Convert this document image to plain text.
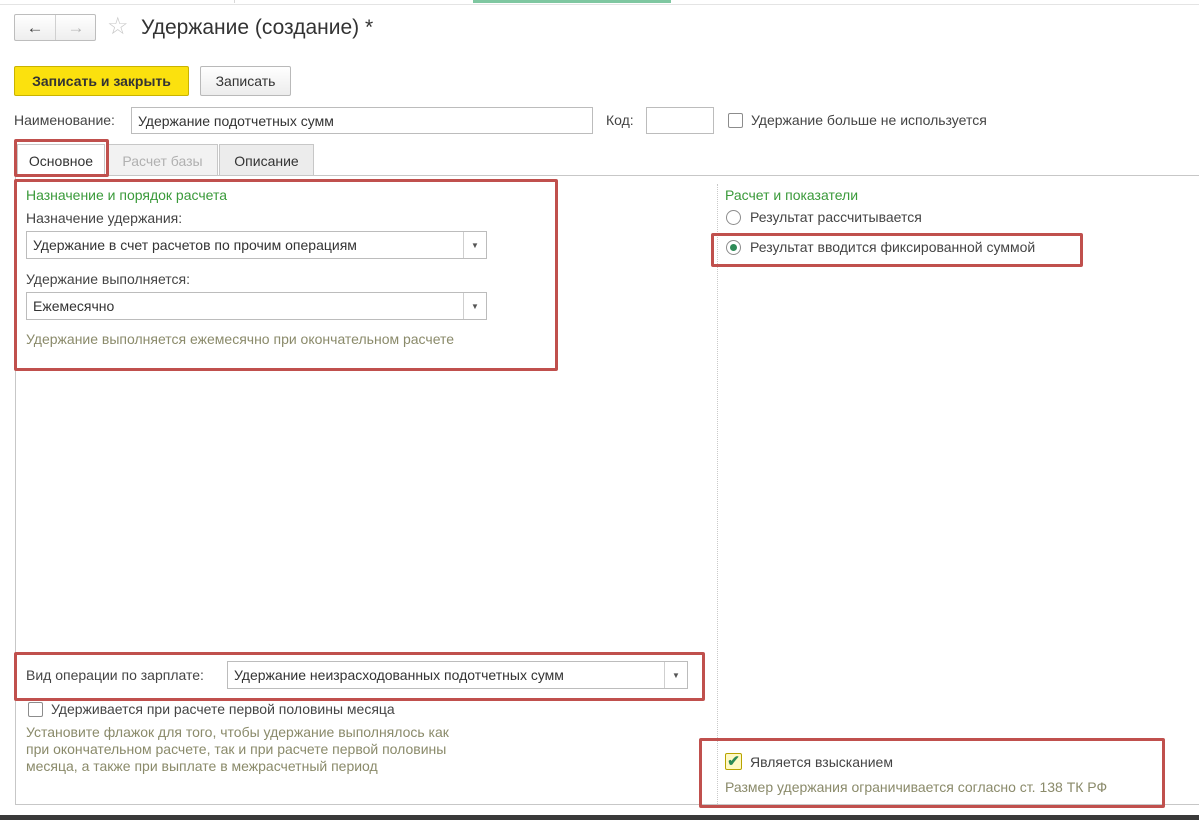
← → ☆ Удержание (создание) *
Записать и закрыть	Записать
Наименование:	Удержание подотчетных сумм	Код:	Удержание больше не используется
Основное	Расчет базы	Описание
Назначение и порядок расчета
Назначение удержания:
Удержание в счет расчетов по прочим операциям	▼
Удержание выполняется:
Ежемесячно	▼
Удержание выполняется ежемесячно при окончательном расчете
Расчет и показатели
Результат рассчитывается
Результат вводится фиксированной суммой
Вид операции по зарплате: Удержание неизрасходованных подотчетных сумм	▼
Удерживается при расчете первой половины месяца
Установите флажок для того, чтобы удержание выполнялось как при окончательном расчете, так и при расчете первой половины месяца, а также при выплате в межрасчетный период	✔ Является взысканием
Размер удержания ограничивается согласно ст. 138 ТК РФ
